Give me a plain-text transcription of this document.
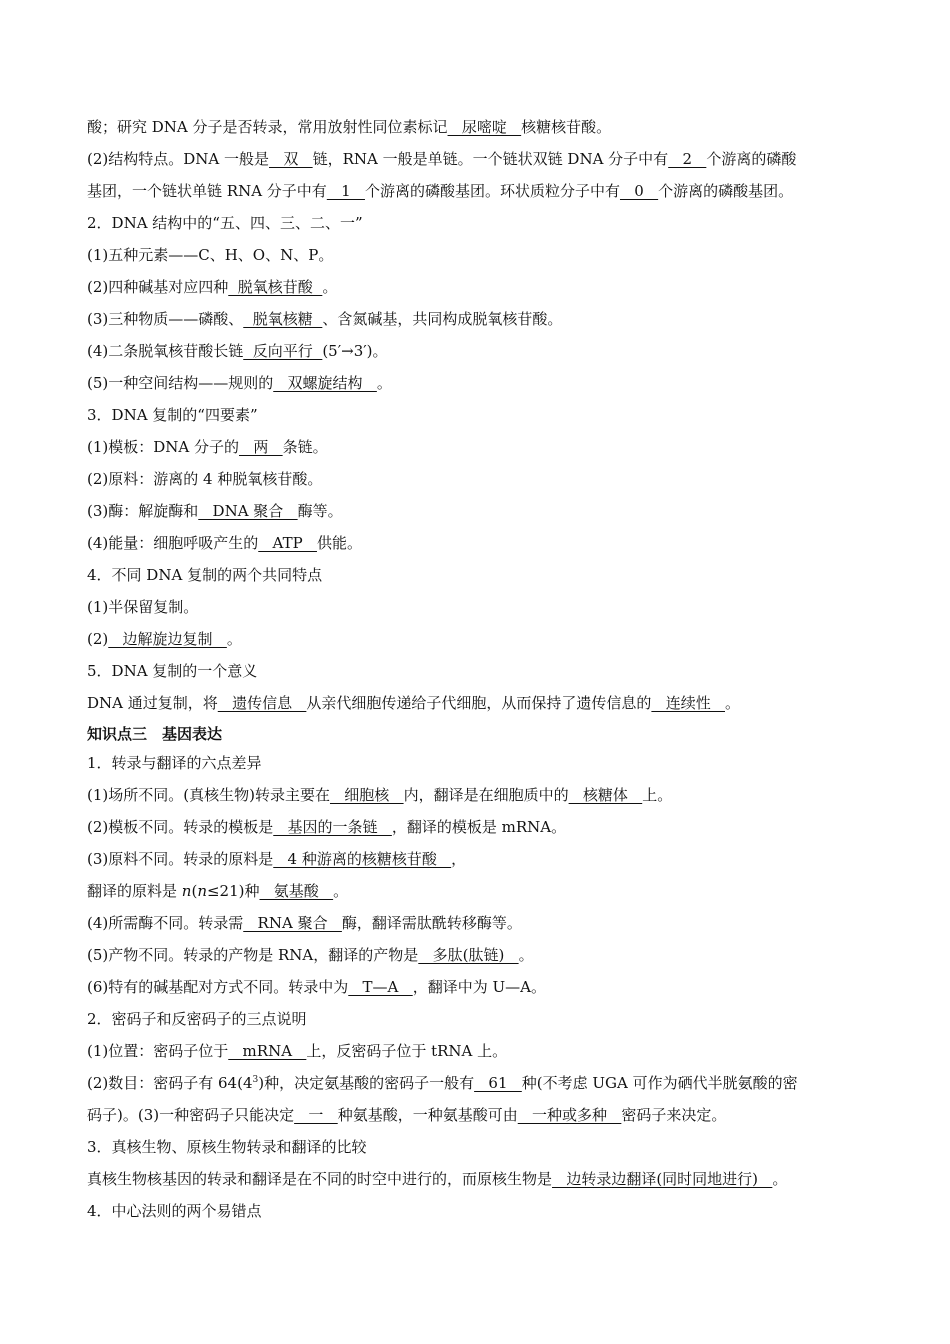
酸；研究 DNA 分子是否转录，常用放射性同位素标记   尿嘧啶   核糖核苷酸。
(2)结构特点。DNA 一般是   双   链，RNA 一般是单链。一个链状双链 DNA 分子中有   2   个游离的磷酸
基团，一个链状单链 RNA 分子中有   1   个游离的磷酸基团。环状质粒分子中有   0   个游离的磷酸基团。
2．DNA 结构中的“五、四、三、二、一”
(1)五种元素——C、H、O、N、P。
(2)四种碱基对应四种  脱氧核苷酸  。
(3)三种物质——磷酸、  脱氧核糖  、含氮碱基，共同构成脱氧核苷酸。
(4)二条脱氧核苷酸长链  反向平行  (5′→3′)。
(5)一种空间结构——规则的   双螺旋结构   。
3．DNA 复制的“四要素”
(1)模板：DNA 分子的   两   条链。
(2)原料：游离的 4 种脱氧核苷酸。
(3)酶：解旋酶和   DNA 聚合   酶等。
(4)能量：细胞呼吸产生的   ATP   供能。
4．不同 DNA 复制的两个共同特点
(1)半保留复制。
(2)   边解旋边复制   。
5．DNA 复制的一个意义
DNA 通过复制，将   遗传信息   从亲代细胞传递给子代细胞，从而保持了遗传信息的   连续性   。
知识点三　基因表达
1．转录与翻译的六点差异
(1)场所不同。(真核生物)转录主要在   细胞核   内，翻译是在细胞质中的   核糖体   上。
(2)模板不同。转录的模板是   基因的一条链   ，翻译的模板是 mRNA。
(3)原料不同。转录的原料是   4 种游离的核糖核苷酸   ，
翻译的原料是 n(n≤21)种   氨基酸   。
(4)所需酶不同。转录需   RNA 聚合   酶，翻译需肽酰转移酶等。
(5)产物不同。转录的产物是 RNA，翻译的产物是   多肽(肽链)   。
(6)特有的碱基配对方式不同。转录中为   T—A   ，翻译中为 U—A。
2．密码子和反密码子的三点说明
(1)位置：密码子位于   mRNA   上，反密码子位于 tRNA 上。
(2)数目：密码子有 $64(4^3)$种，决定氨基酸的密码子一般有   61   种(不考虑 UGA 可作为硒代半胱氨酸的密
码子)。(3)一种密码子只能决定   一   种氨基酸，一种氨基酸可由   一种或多种   密码子来决定。
3．真核生物、原核生物转录和翻译的比较
真核生物核基因的转录和翻译是在不同的时空中进行的，而原核生物是   边转录边翻译(同时同地进行)   。
4．中心法则的两个易错点
